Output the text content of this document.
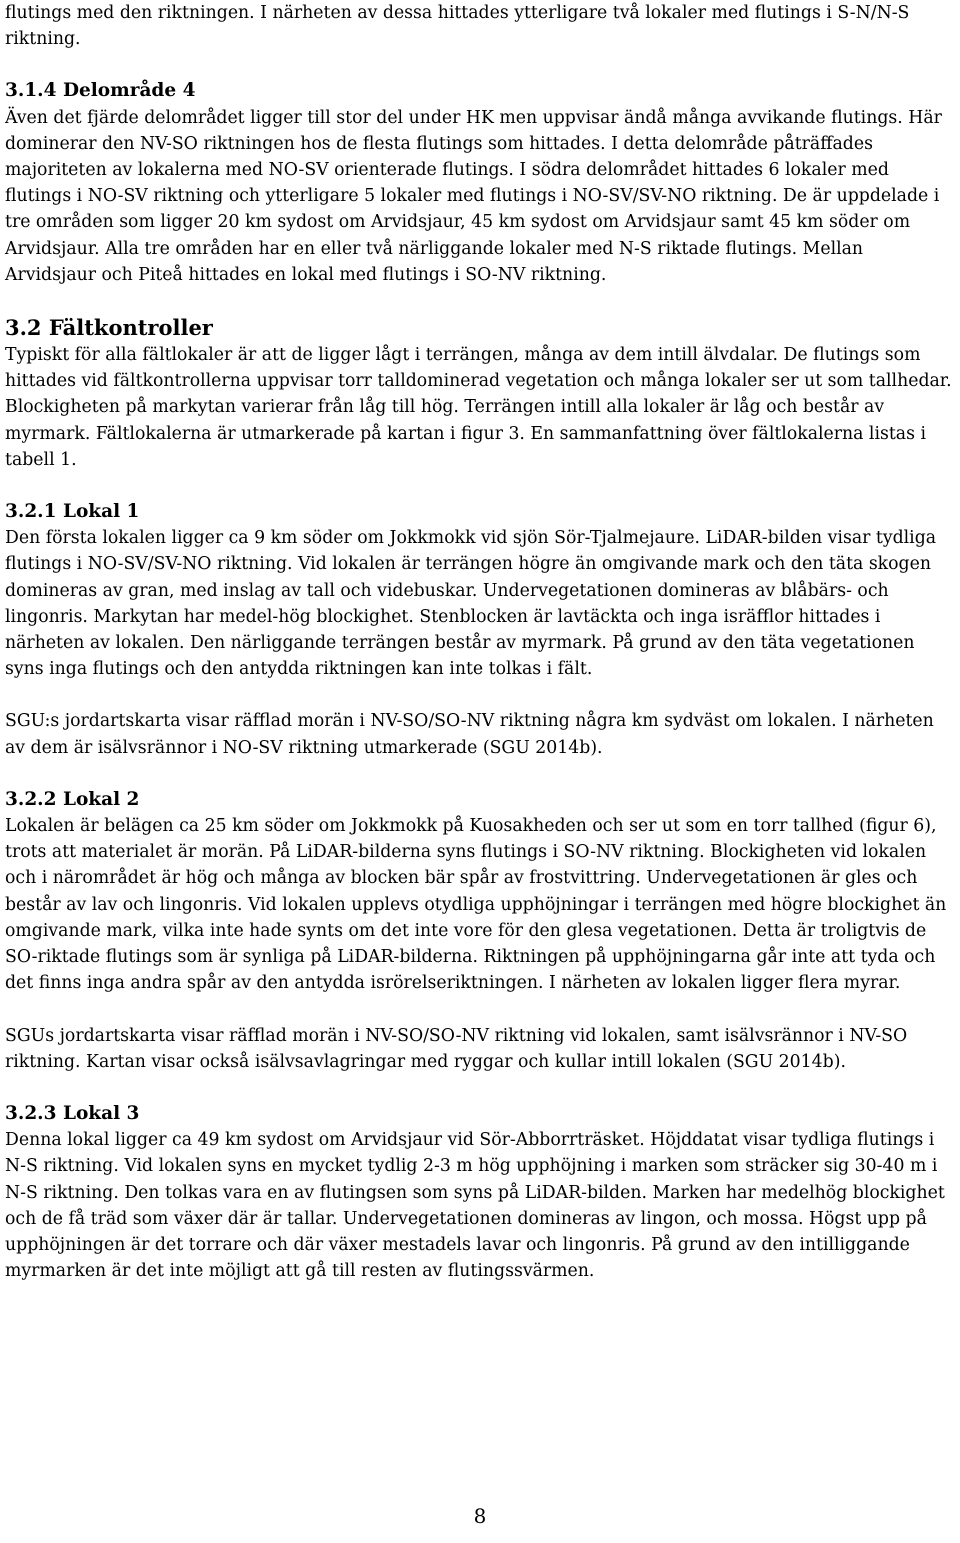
flutings med den riktningen. I närheten av dessa hittades ytterligare två lokaler med flutings i S-N/N-S riktning.

3.1.4 Delområde 4

Även det fjärde delområdet ligger till stor del under HK men uppvisar ändå många avvikande flutings. Här dominerar den NV-SO riktningen hos de flesta flutings som hittades. I detta delområde påträffades majoriteten av lokalerna med NO-SV orienterade flutings. I södra delområdet hittades 6 lokaler med flutings i NO-SV riktning och ytterligare 5 lokaler med flutings i NO-SV/SV-NO riktning. De är uppdelade i tre områden som ligger 20 km sydost om Arvidsjaur, 45 km sydost om Arvidsjaur samt 45 km söder om Arvidsjaur. Alla tre områden har en eller två närliggande lokaler med N-S riktade flutings. Mellan Arvidsjaur och Piteå hittades en lokal med flutings i SO-NV riktning.

3.2 Fältkontroller

Typiskt för alla fältlokaler är att de ligger lågt i terrängen, många av dem intill älvdalar. De flutings som hittades vid fältkontrollerna uppvisar torr talldominerad vegetation och många lokaler ser ut som tallhedar. Blockigheten på markytan varierar från låg till hög. Terrängen intill alla lokaler är låg och består av myrmark. Fältlokalerna är utmarkerade på kartan i figur 3. En sammanfattning över fältlokalerna listas i tabell 1.

3.2.1 Lokal 1

Den första lokalen ligger ca 9 km söder om Jokkmokk vid sjön Sör-Tjalmejaure. LiDAR-bilden visar tydliga flutings i NO-SV/SV-NO riktning. Vid lokalen är terrängen högre än omgivande mark och den täta skogen domineras av gran, med inslag av tall och videbuskar. Undervegetationen domineras av blåbärs- och lingonris. Markytan har medel-hög blockighet. Stenblocken är lavtäckta och inga isräfflor hittades i närheten av lokalen. Den närliggande terrängen består av myrmark. På grund av den täta vegetationen syns inga flutings och den antydda riktningen kan inte tolkas i fält.

SGU:s jordartskarta visar räfflad morän i NV-SO/SO-NV riktning några km sydväst om lokalen. I närheten av dem är isälvsrännor i NO-SV riktning utmarkerade (SGU 2014b).

3.2.2 Lokal 2

Lokalen är belägen ca 25 km söder om Jokkmokk på Kuosakheden och ser ut som en torr tallhed (figur 6), trots att materialet är morän. På LiDAR-bilderna syns flutings i SO-NV riktning. Blockigheten vid lokalen och i närområdet är hög och många av blocken bär spår av frostvittring. Undervegetationen är gles och består av lav och lingonris. Vid lokalen upplevs otydliga upphöjningar i terrängen med högre blockighet än omgivande mark, vilka inte hade synts om det inte vore för den glesa vegetationen. Detta är troligtvis de SO-riktade flutings som är synliga på LiDAR-bilderna. Riktningen på upphöjningarna går inte att tyda och det finns inga andra spår av den antydda isrörelseriktningen. I närheten av lokalen ligger flera myrar.

SGUs jordartskarta visar räfflad morän i NV-SO/SO-NV riktning vid lokalen, samt isälvsrännor i NV-SO riktning. Kartan visar också isälvsavlagringar med ryggar och kullar intill lokalen (SGU 2014b).

3.2.3 Lokal 3

Denna lokal ligger ca 49 km sydost om Arvidsjaur vid Sör-Abborrträsket. Höjddatat visar tydliga flutings i N-S riktning. Vid lokalen syns en mycket tydlig 2-3 m hög upphöjning i marken som sträcker sig 30-40 m i N-S riktning. Den tolkas vara en av flutingsen som syns på LiDAR-bilden. Marken har medelhög blockighet och de få träd som växer där är tallar. Undervegetationen domineras av lingon, och mossa. Högst upp på upphöjningen är det torrare och där växer mestadels lavar och lingonris. På grund av den intilliggande myrmarken är det inte möjligt att gå till resten av flutingssvärmen.

8
